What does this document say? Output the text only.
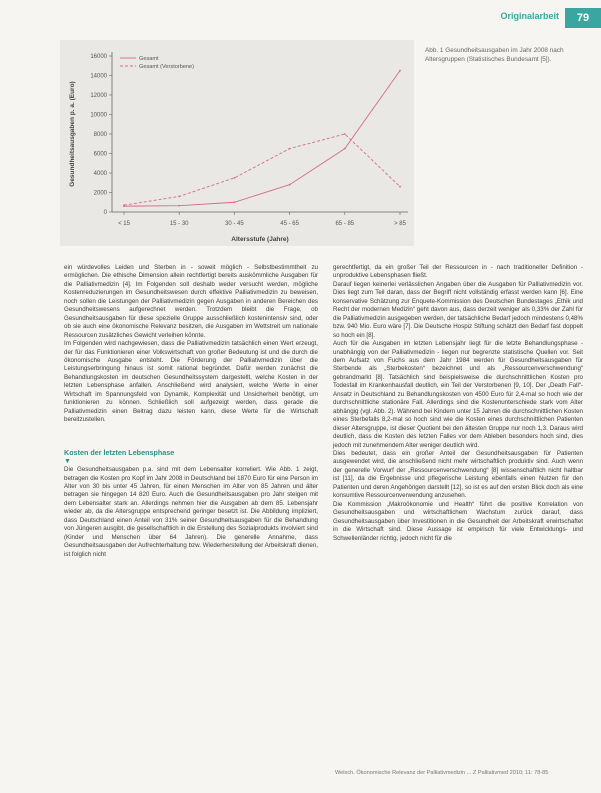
Originalarbeit	79
0
2000
4000
6000
8000
10000
12000
14000
16000
< 15	15 - 30	30 - 45	45 - 65	65 - 85	> 85
Altersstufe (Jahre)
Gesundheitsausgaben p. a. (Euro)
Gesamt
Gesamt (Verstorbene)
Abb. 1 Gesundheitsausgaben im Jahr 2008 nach Altersgruppen (Statistisches Bundesamt [5]).
ein würdevolles Leiden und Sterben in - soweit möglich - Selbstbestimmtheit zu ermöglichen. Die ethische Dimension allein rechtfertigt bereits auskömmliche Ausgaben für die Palliativmedizin [4]. Im Folgenden soll deshalb weder versucht werden, mögliche Kostenreduzierungen im Gesundheitswesen durch effektive Palliativmedizin zu beweisen, noch sollen die Leistungen der Palliativmedizin gegen Ausgaben in anderen Bereichen des Gesundheitswesens aufgerechnet werden. Trotzdem bleibt die Frage, ob Gesundheitsausgaben für diese spezielle Gruppe ausschließlich kostenintensiv sind, oder ob sie auch eine ökonomische Relevanz besitzen, die Ausgaben im Wettstreit um nationale Ressourcen zusätzliches Gewicht verleihen könnte.
Im Folgenden wird nachgewiesen, dass die Palliativmedizin tatsächlich einen Wert erzeugt, der für das Funktionieren einer Volkswirtschaft von großer Bedeutung ist und die durch die ökonomische Ausgabe entsteht. Die Förderung der Palliativmedizin über die Leistungserbringung hinaus ist somit rational begründet. Dafür werden zunächst die Behandlungskosten im deutschen Gesundheitssystem dargestellt, welche Kosten in der letzten Lebensphase anfallen. Anschließend wird analysiert, welche Werte in einer Wirtschaft im Spannungsfeld von Dynamik, Komplexität und Unsicherheit benötigt, um funktionieren zu können. Schließlich soll aufgezeigt werden, dass gerade die Palliativmedizin einen Beitrag dazu leisten kann, diese Werte für die Wirtschaft bereitzustellen.
Kosten der letzten Lebensphase
▼
Die Gesundheitsausgaben p.a. sind mit dem Lebensalter korreliert. Wie Abb. 1 zeigt, betragen die Kosten pro Kopf im Jahr 2008 in Deutschland bei 1870 Euro für eine Person im Alter von 30 bis unter 45 Jahren, für einen Menschen im Alter von 85 Jahren und älter betragen sie hingegen 14 820 Euro. Auch die Gesundheitsausgaben pro Jahr steigen mit dem Lebensalter stark an. Allerdings nehmen hier die Ausgaben ab dem 85. Lebensjahr wieder ab, da die Altersgruppe entsprechend geringer besetzt ist. Die Abbildung impliziert, dass Deutschland einen Anteil von 31% seiner Gesundheitsausgaben für die Behandlung von Jüngeren ausgibt, die gesellschaftlich in die Erstellung des Sozialprodukts involviert sind (Kinder und Menschen über 64 Jahren). Die generelle Annahme, dass Gesundheitsausgaben der Aufrechterhaltung bzw. Wiederherstellung der Arbeitskraft dienen, ist folglich nicht
gerechtfertigt, da ein großer Teil der Ressourcen in - nach traditioneller Definition - unproduktive Lebensphasen fließt.
Darauf liegen keinerlei verlässlichen Angaben über die Ausgaben für Palliativmedizin vor. Dies liegt zum Teil daran, dass der Begriff nicht vollständig erfasst werden kann [6]. Eine konservative Schätzung zur Enquete-Kommission des Deutschen Bundestages „Ethik und Recht der modernen Medizin“ geht davon aus, dass derzeit weniger als 0,33% der Zahl für die Palliativmedizin ausgegeben werden, der tatsächliche Bedarf jedoch mindestens 0,48% bzw. 940 Mio. Euro wäre [7]. Die Deutsche Hospiz Stiftung schätzt den Bedarf fast doppelt so hoch ein [8].
Auch für die Ausgaben im letzten Lebensjahr liegt für die letzte Behandlungsphase - unabhängig von der Palliativmedizin - liegen nur begrenzte statistische Quellen vor. Seit dem Aufsatz von Fuchs aus dem Jahr 1984 werden für Gesundheitsausgaben für Sterbende als „Sterbekosten“ bezeichnet und als „Ressourcenverschwendung“ gebrandmarkt [8]. Tatsächlich sind beispielsweise die durchschnittlichen Kosten pro Todesfall im Krankenhausfall deutlich, ein Teil der Verstorbenen [9, 10]. Der „Death Fall“-Ansatz in Deutschland zu Behandlungskosten von 4500 Euro für 2,4-mal so hoch wie der durchschnittliche stationäre Fall. Allerdings sind die Kostenunterschiede stark vom Alter abhängig (vgl. Abb. 2). Während bei Kindern unter 15 Jahren die durchschnittlichen Kosten eines Sterbefalls 8,2-mal so hoch sind wie die Kosten eines durchschnittlichen Patienten dieser Altersgruppe, ist dieser Quotient bei den ältesten Gruppe nur noch 1,3. Daraus wird deutlich, dass die Kosten des letzten Falles vor dem Ableben besonders hoch sind, dies jedoch mit zunehmendem Alter weniger deutlich wird.
Dies bedeutet, dass ein großer Anteil der Gesundheitsausgaben für Patienten ausgewendet wird, die anschließend nicht mehr wirtschaftlich produktiv sind. Auch wenn der generelle Vorwurf der „Ressourcenverschwendung“ [8] wissenschaftlich nicht haltbar ist [11], da die Ergebnisse und pflegerische Leistung ebenfalls einen Nutzen für den Patienten und deren Angehörigen darstellt [12], so ist es auf den ersten Blick doch als eine konsumtive Ressourcenverwendung anzusehen.
Die Kommission „Makroökonomie und Health“ führt die positive Korrelation von Gesundheitsausgaben und wirtschaftlichem Wachstum zurück darauf, dass Gesundheitsausgaben über Investitionen in die Gesundheit der Arbeitskraft erwirtschaftet in die Wirtschaft sind. Diese Aussage ist empirisch für viele Entwicklungs- und Schwellenländer richtig, jedoch nicht für die
Welsch. Ökonomische Relevanz der Palliativmedizin ... Z Palliativmed 2010; 11: 78-85
